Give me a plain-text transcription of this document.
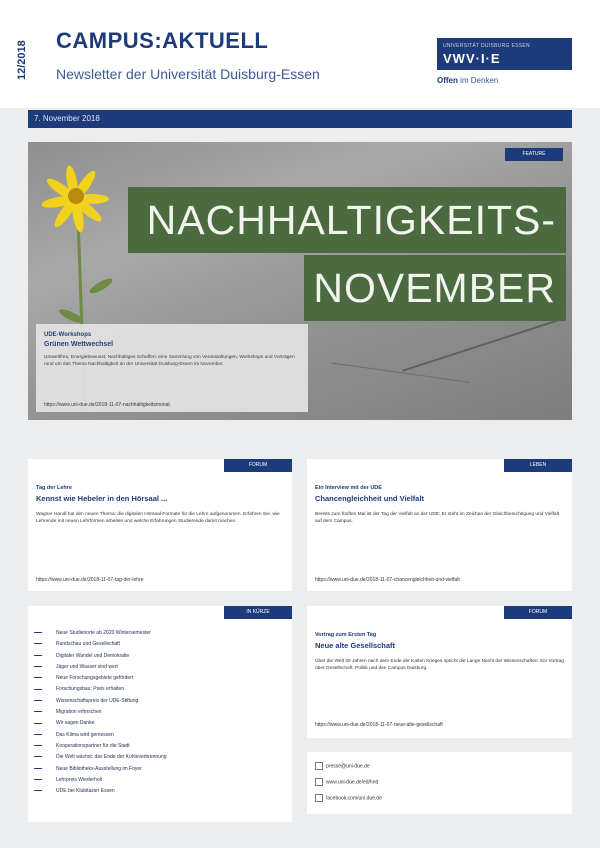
12/2018 CAMPUS:AKTUELL
Newsletter der Universität Duisburg-Essen
UNIVERSITÄT DUISBURG ESSEN
VWV·I·E
Offen im Denken
7. November 2018
FEATURE
NACHHALTIGKEITS-
NOVEMBER
UDE-Workshops
Grünen Wettwechsel
Umweltfreu, Energiebewusst, Nachhaltiges Schaffen: eine Sammlung von Veranstaltungen, Workshops und Vorträgen rund um das Thema Nachhaltigkeit an der Universität Duisburg-Essen im November.
https://www.uni-due.de/2018-11-07-nachhaltigkeitsmonat
FORUM
Tag der Lehre
Kennst wie Hebeler in den Hörsaal ...
Wagner Handl hat den neuen Thema: die digitalen Hörsaal-Formate für die Lehre aufgenommen. Erfahren Sie, wie Lehrende mit neuen Lehrformen arbeiten und welche Erfahrungen Studierende damit machen.
https://www.uni-due.de/2018-11-07-tag-der-lehre
LEBEN
Ein Interview mit der UDE
Chancengleichheit und Vielfalt
Bereits zum fünften Mal ist der Tag der Vielfalt an der UDE: Er steht im Zeichen der Gleichberechtigung und Vielfalt auf dem Campus.
https://www.uni-due.de/2018-11-07-chancengleichheit-und-vielfalt
IN KÜRZE
Neue Studienorte ab 2020 Wintersemester
Rundschau und Gesellschaft
Digitaler Wandel und Demokratie
Jäger und Wasser sind wert
Neue Forschungsgebiete gefördert
Forschungsbau: Preis erhalten
Wissenschaftspreis der UDE-Stiftung
Migration erforschen
Wir sagen Danke
Das Klima wird gemessen
Kooperationspartner für die Stadt
Die Welt wächst: das Ende der Kohleverbrennung
Neue Bibliotheks-Ausstellung im Foyer
Lehrpreis Wiederholt
UDE bei Klubitazier Essen
FORUM
Vortrag zum Ersten Tag
Neue alte Gesellschaft
Über die Welt 30 Jahren nach dem Ende der Kalten Krieges spricht die Lange Nacht der Wissenschaften: Ein Vortrag über Gesellschaft, Politik und den Campus Duisburg.
https://www.uni-due.de/2018-11-07-neue-alte-gesellschaft
presse@uni-due.de
www.uni-due.de/ed/hnd
facebook.com/uni.due.de
